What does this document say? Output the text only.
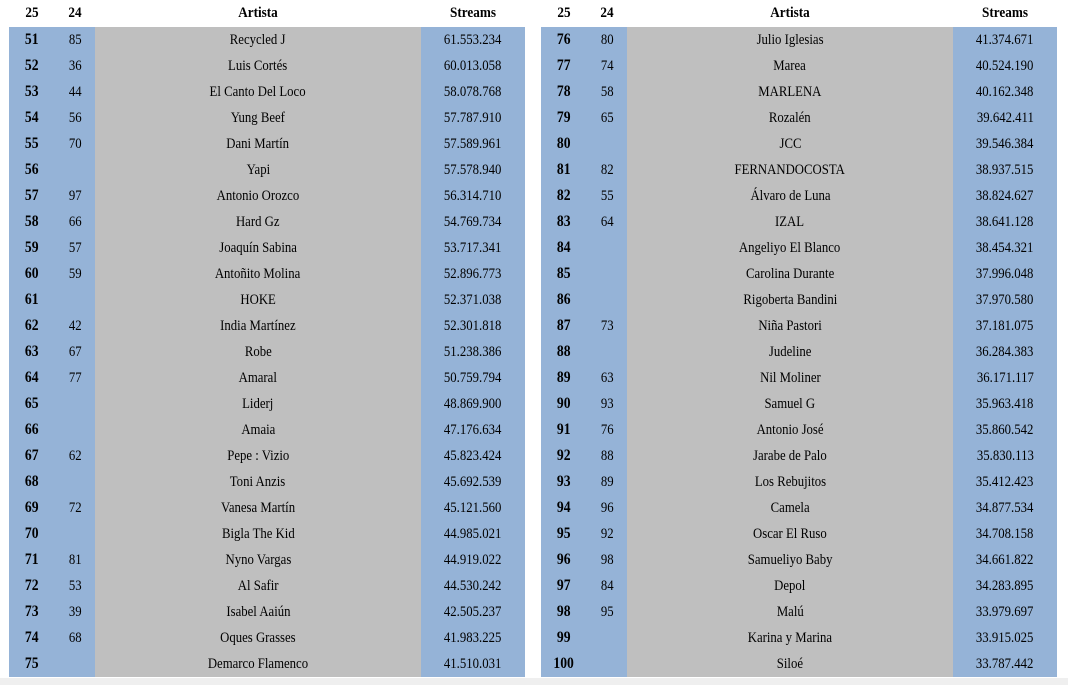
25	24	Artista	Streams
51 85	Recycled J	61.553.234
52 36	Luis Cortés	60.013.058
53 44	El Canto Del Loco	58.078.768
54 56	Yung Beef	57.787.910
55 70	Dani Martín	57.589.961
56	Yapi	57.578.940
57 97	Antonio Orozco	56.314.710
58 66	Hard Gz	54.769.734
59 57	Joaquín Sabina	53.717.341
60 59	Antoñito Molina	52.896.773
61	HOKE	52.371.038
62 42	India Martínez	52.301.818
63 67	Robe	51.238.386
64 77	Amaral	50.759.794
65	Liderj	48.869.900
66	Amaia	47.176.634
67 62	Pepe : Vizio	45.823.424
68	Toni Anzis	45.692.539
69 72	Vanesa Martín	45.121.560
70	Bigla The Kid	44.985.021
71 81	Nyno Vargas	44.919.022
72 53	Al Safir	44.530.242
73 39	Isabel Aaiún	42.505.237
74 68	Oques Grasses	41.983.225
75	Demarco Flamenco	41.510.031
25	24	Artista	Streams
76 80	Julio Iglesias	41.374.671
77 74	Marea	40.524.190
78 58	MARLENA	40.162.348
79 65	Rozalén	39.642.411
80	JCC	39.546.384
81 82	FERNANDOCOSTA	38.937.515
82 55	Álvaro de Luna	38.824.627
83 64	IZAL	38.641.128
84	Angeliyo El Blanco	38.454.321
85	Carolina Durante	37.996.048
86	Rigoberta Bandini	37.970.580
87 73	Niña Pastori	37.181.075
88	Judeline	36.284.383
89 63	Nil Moliner	36.171.117
90 93	Samuel G	35.963.418
91 76	Antonio José	35.860.542
92 88	Jarabe de Palo	35.830.113
93 89	Los Rebujitos	35.412.423
94 96	Camela	34.877.534
95 92	Oscar El Ruso	34.708.158
96 98	Samueliyo Baby	34.661.822
97 84	Depol	34.283.895
98 95	Malú	33.979.697
99	Karina y Marina	33.915.025
100	Siloé	33.787.442
